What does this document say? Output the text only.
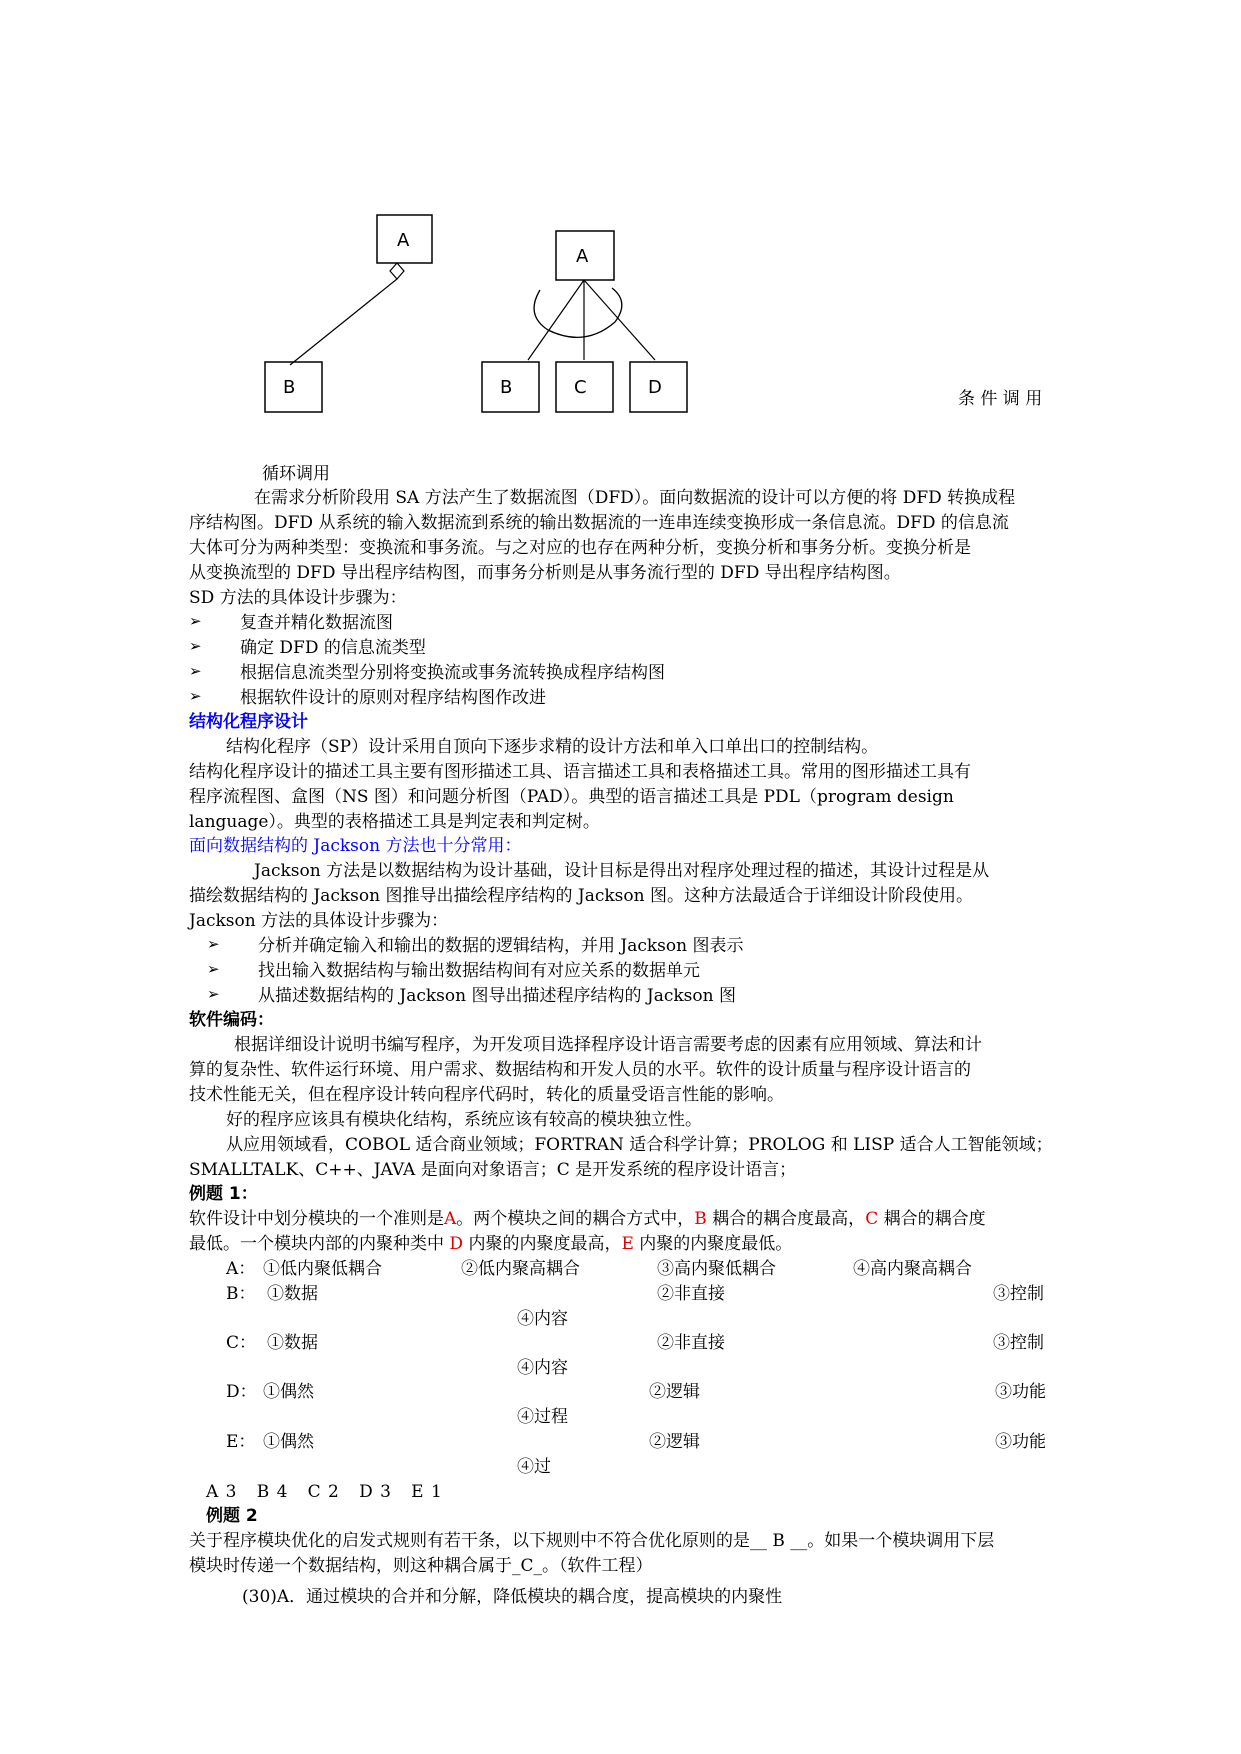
A
B
A
B	C	D
条 件 调 用
循环调用
在需求分析阶段用 SA 方法产生了数据流图（DFD）。面向数据流的设计可以方便的将 DFD 转换成程
序结构图。DFD 从系统的输入数据流到系统的输出数据流的一连串连续变换形成一条信息流。DFD 的信息流
大体可分为两种类型：变换流和事务流。与之对应的也存在两种分析，变换分析和事务分析。变换分析是
从变换流型的 DFD 导出程序结构图，而事务分析则是从事务流行型的 DFD 导出程序结构图。
SD 方法的具体设计步骤为：
➢ 复查并精化数据流图
➢ 确定 DFD 的信息流类型
➢ 根据信息流类型分别将变换流或事务流转换成程序结构图
➢ 根据软件设计的原则对程序结构图作改进
结构化程序设计
结构化程序（SP）设计采用自顶向下逐步求精的设计方法和单入口单出口的控制结构。
结构化程序设计的描述工具主要有图形描述工具、语言描述工具和表格描述工具。常用的图形描述工具有
程序流程图、盒图（NS 图）和问题分析图（PAD）。典型的语言描述工具是 PDL（program design
language）。典型的表格描述工具是判定表和判定树。
面向数据结构的 Jackson 方法也十分常用：
Jackson 方法是以数据结构为设计基础，设计目标是得出对程序处理过程的描述，其设计过程是从
描绘数据结构的 Jackson 图推导出描绘程序结构的 Jackson 图。这种方法最适合于详细设计阶段使用。
Jackson 方法的具体设计步骤为：
➢ 分析并确定输入和输出的数据的逻辑结构，并用 Jackson 图表示
➢ 找出输入数据结构与输出数据结构间有对应关系的数据单元
➢ 从描述数据结构的 Jackson 图导出描述程序结构的 Jackson 图
软件编码：
根据详细设计说明书编写程序，为开发项目选择程序设计语言需要考虑的因素有应用领域、算法和计
算的复杂性、软件运行环境、用户需求、数据结构和开发人员的水平。软件的设计质量与程序设计语言的
技术性能无关，但在程序设计转向程序代码时，转化的质量受语言性能的影响。
好的程序应该具有模块化结构，系统应该有较高的模块独立性。
从应用领域看，COBOL 适合商业领域；FORTRAN 适合科学计算；PROLOG 和 LISP 适合人工智能领域；
SMALLTALK、C++、JAVA 是面向对象语言；C 是开发系统的程序设计语言；
例题 1：
软件设计中划分模块的一个准则是A。两个模块之间的耦合方式中，B 耦合的耦合度最高，C 耦合的耦合度
最低。一个模块内部的内聚种类中 D 内聚的内聚度最高，E 内聚的内聚度最低。
A： ①低内聚低耦合	②低内聚高耦合	③高内聚低耦合	④高内聚高耦合
B： ①数据	②非直接	③控制
④内容
C： ①数据	②非直接	③控制
④内容
D： ①偶然	②逻辑	③功能
④过程
E： ①偶然	②逻辑	③功能
④过
A 3   B 4   C 2   D 3   E 1
例题 2
关于程序模块优化的启发式规则有若干条，以下规则中不符合优化原则的是__ B __。如果一个模块调用下层
模块时传递一个数据结构，则这种耦合属于_C_。（软件工程）
(30)A．通过模块的合并和分解，降低模块的耦合度，提高模块的内聚性
